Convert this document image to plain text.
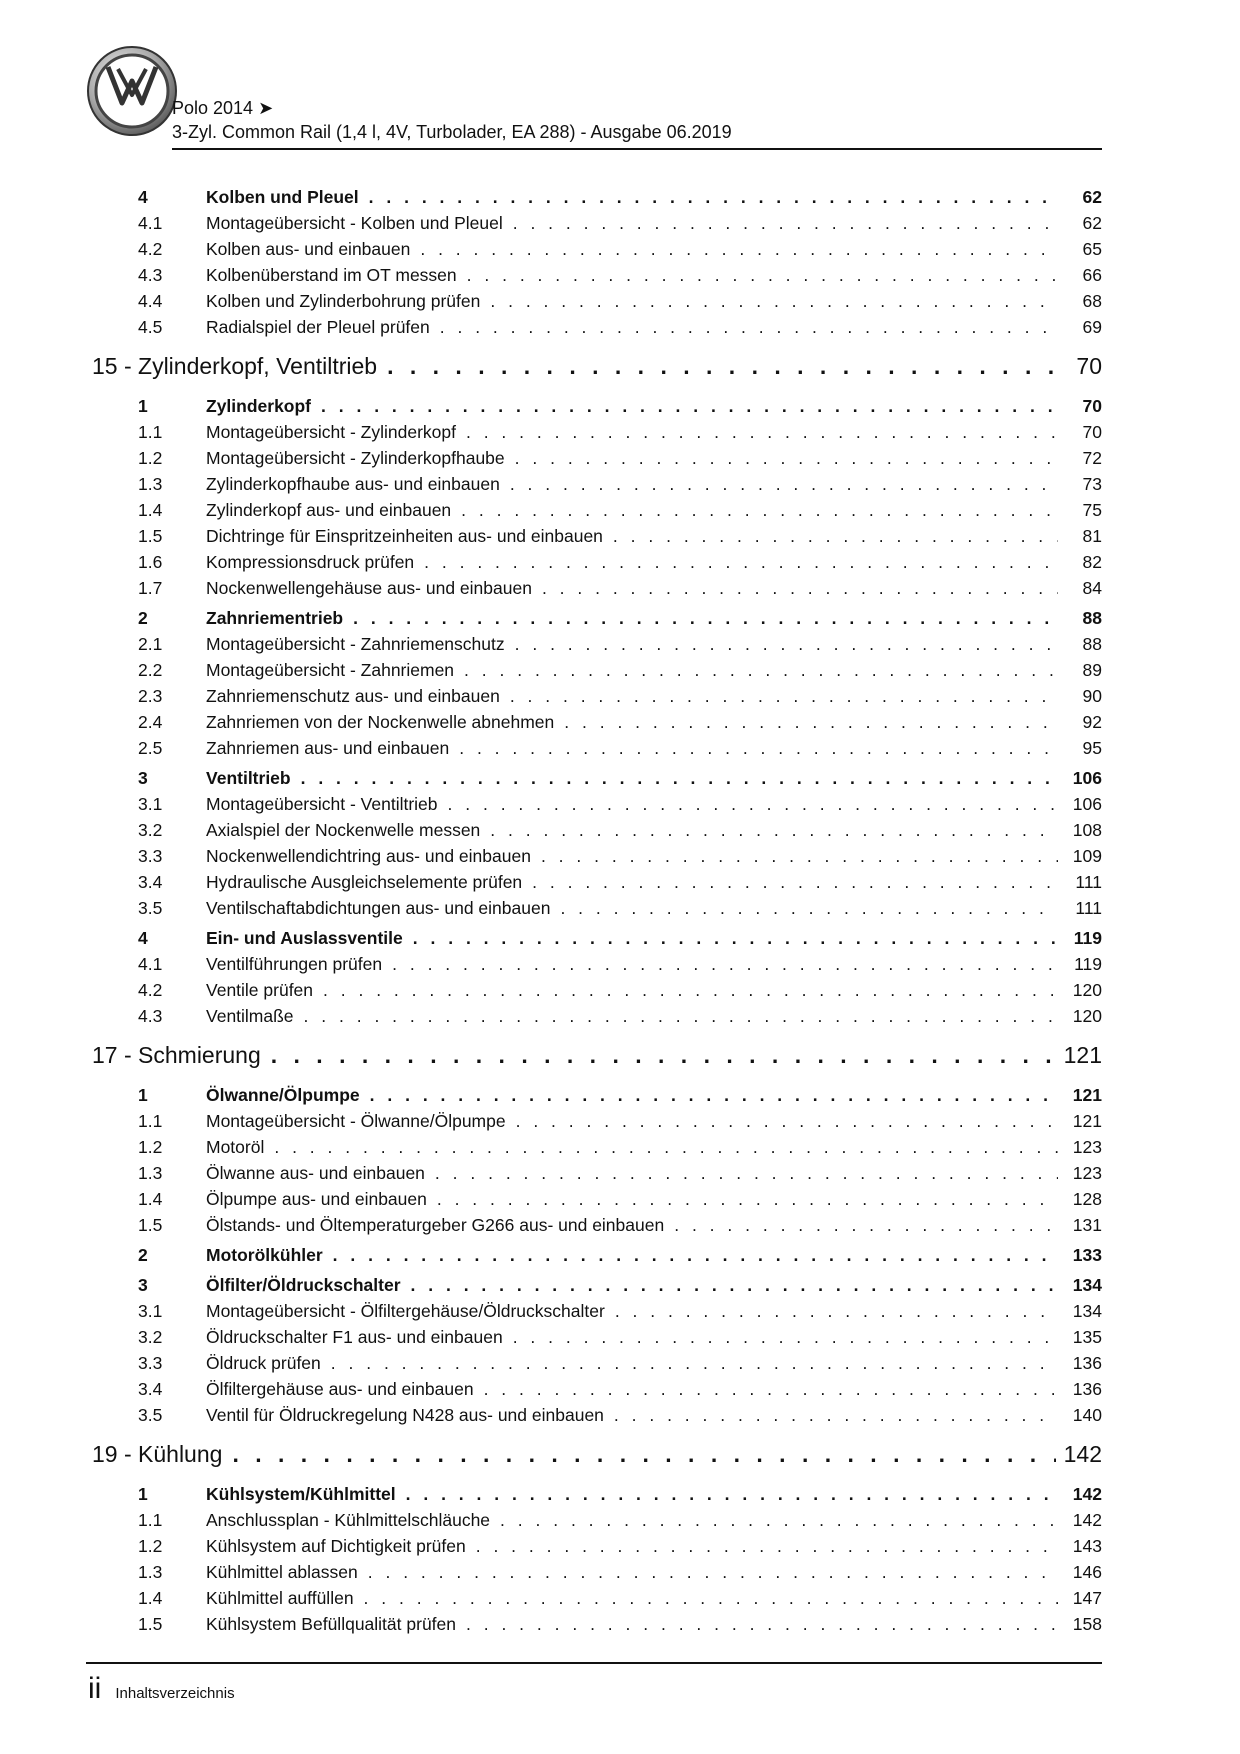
Polo 2014 ➤
3-Zyl. Common Rail (1,4 l, 4V, Turbolader, EA 288) - Ausgabe 06.2019
4	Kolben und Pleuel . . .	62
4.1	Montageübersicht - Kolben und Pleuel . . .	62
4.2	Kolben aus- und einbauen . . .	65
4.3	Kolbenüberstand im OT messen . . .	66
4.4	Kolben und Zylinderbohrung prüfen . . .	68
4.5	Radialspiel der Pleuel prüfen . . .	69
15 - Zylinderkopf, Ventiltrieb . . .	70
1	Zylinderkopf . . .	70
1.1	Montageübersicht - Zylinderkopf . . .	70
1.2	Montageübersicht - Zylinderkopfhaube . . .	72
1.3	Zylinderkopfhaube aus- und einbauen . . .	73
1.4	Zylinderkopf aus- und einbauen . . .	75
1.5	Dichtringe für Einspritzeinheiten aus- und einbauen . . .	81
1.6	Kompressionsdruck prüfen . . .	82
1.7	Nockenwellengehäuse aus- und einbauen . . .	84
2	Zahnriementrieb . . .	88
2.1	Montageübersicht - Zahnriemenschutz . . .	88
2.2	Montageübersicht - Zahnriemen . . .	89
2.3	Zahnriemenschutz aus- und einbauen . . .	90
2.4	Zahnriemen von der Nockenwelle abnehmen . . .	92
2.5	Zahnriemen aus- und einbauen . . .	95
3	Ventiltrieb . . .	106
3.1	Montageübersicht - Ventiltrieb . . .	106
3.2	Axialspiel der Nockenwelle messen . . .	108
3.3	Nockenwellendichtring aus- und einbauen . . .	109
3.4	Hydraulische Ausgleichselemente prüfen . . .	111
3.5	Ventilschaftabdichtungen aus- und einbauen . . .	111
4	Ein- und Auslassventile . . .	119
4.1	Ventilführungen prüfen . . .	119
4.2	Ventile prüfen . . .	120
4.3	Ventilmaße . . .	120
17 - Schmierung . . .	121
1	Ölwanne/Ölpumpe . . .	121
1.1	Montageübersicht - Ölwanne/Ölpumpe . . .	121
1.2	Motoröl . . .	123
1.3	Ölwanne aus- und einbauen . . .	123
1.4	Ölpumpe aus- und einbauen . . .	128
1.5	Ölstands- und Öltemperaturgeber G266 aus- und einbauen . . .	131
2	Motorölkühler . . .	133
3	Ölfilter/Öldruckschalter . . .	134
3.1	Montageübersicht - Ölfiltergehäuse/Öldruckschalter . . .	134
3.2	Öldruckschalter F1 aus- und einbauen . . .	135
3.3	Öldruck prüfen . . .	136
3.4	Ölfiltergehäuse aus- und einbauen . . .	136
3.5	Ventil für Öldruckregelung N428 aus- und einbauen . . .	140
19 - Kühlung . . .	142
1	Kühlsystem/Kühlmittel . . .	142
1.1	Anschlussplan - Kühlmittelschläuche . . .	142
1.2	Kühlsystem auf Dichtigkeit prüfen . . .	143
1.3	Kühlmittel ablassen . . .	146
1.4	Kühlmittel auffüllen . . .	147
1.5	Kühlsystem Befüllqualität prüfen . . .	158
ii Inhaltsverzeichnis
